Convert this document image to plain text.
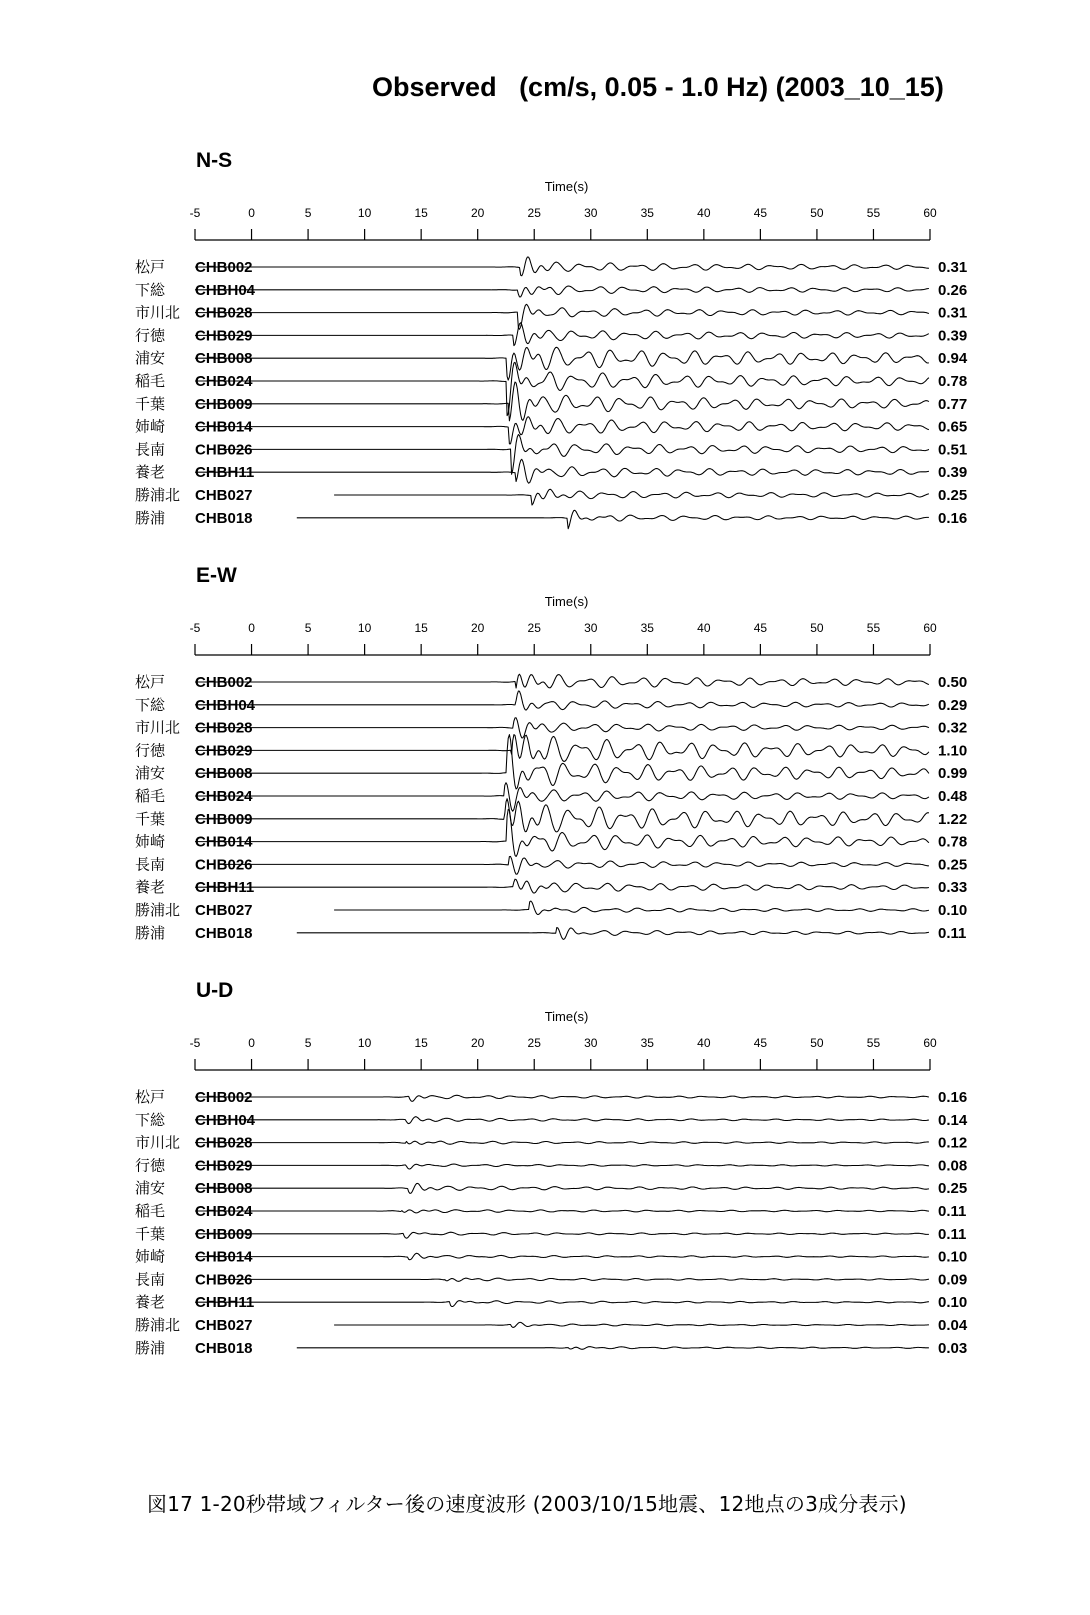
Observed   (cm/s, 0.05 - 1.0 Hz) (2003_10_15)
N-S
Time(s)
-5	0	5	10	15	20	25	30	35	40	45	50	55	60
松戸 CHB002	0.31
下総 CHBH04	0.26
市川北 CHB028	0.31
行徳 CHB029	0.39
浦安 CHB008	0.94
稲毛 CHB024	0.78
千葉 CHB009	0.77
姉崎 CHB014	0.65
長南 CHB026	0.51
養老 CHBH11	0.39
勝浦北 CHB027	0.25
勝浦 CHB018	0.16
E-W
Time(s)
-5	0	5	10	15	20	25	30	35	40	45	50	55	60
松戸 CHB002	0.50
下総 CHBH04	0.29
市川北 CHB028	0.32
行徳 CHB029	1.10
浦安 CHB008	0.99
稲毛 CHB024	0.48
千葉 CHB009	1.22
姉崎 CHB014	0.78
長南 CHB026	0.25
養老 CHBH11	0.33
勝浦北 CHB027	0.10
勝浦 CHB018	0.11
U-D
Time(s)
-5	0	5	10	15	20	25	30	35	40	45	50	55	60
松戸 CHB002	0.16
下総 CHBH04	0.14
市川北 CHB028	0.12
行徳 CHB029	0.08
浦安 CHB008	0.25
稲毛 CHB024	0.11
千葉 CHB009	0.11
姉崎 CHB014	0.10
長南 CHB026	0.09
養老 CHBH11	0.10
勝浦北 CHB027	0.04
勝浦 CHB018	0.03
図17 1-20秒帯域フィルター後の速度波形 (2003/10/15地震、12地点の3成分表示)
